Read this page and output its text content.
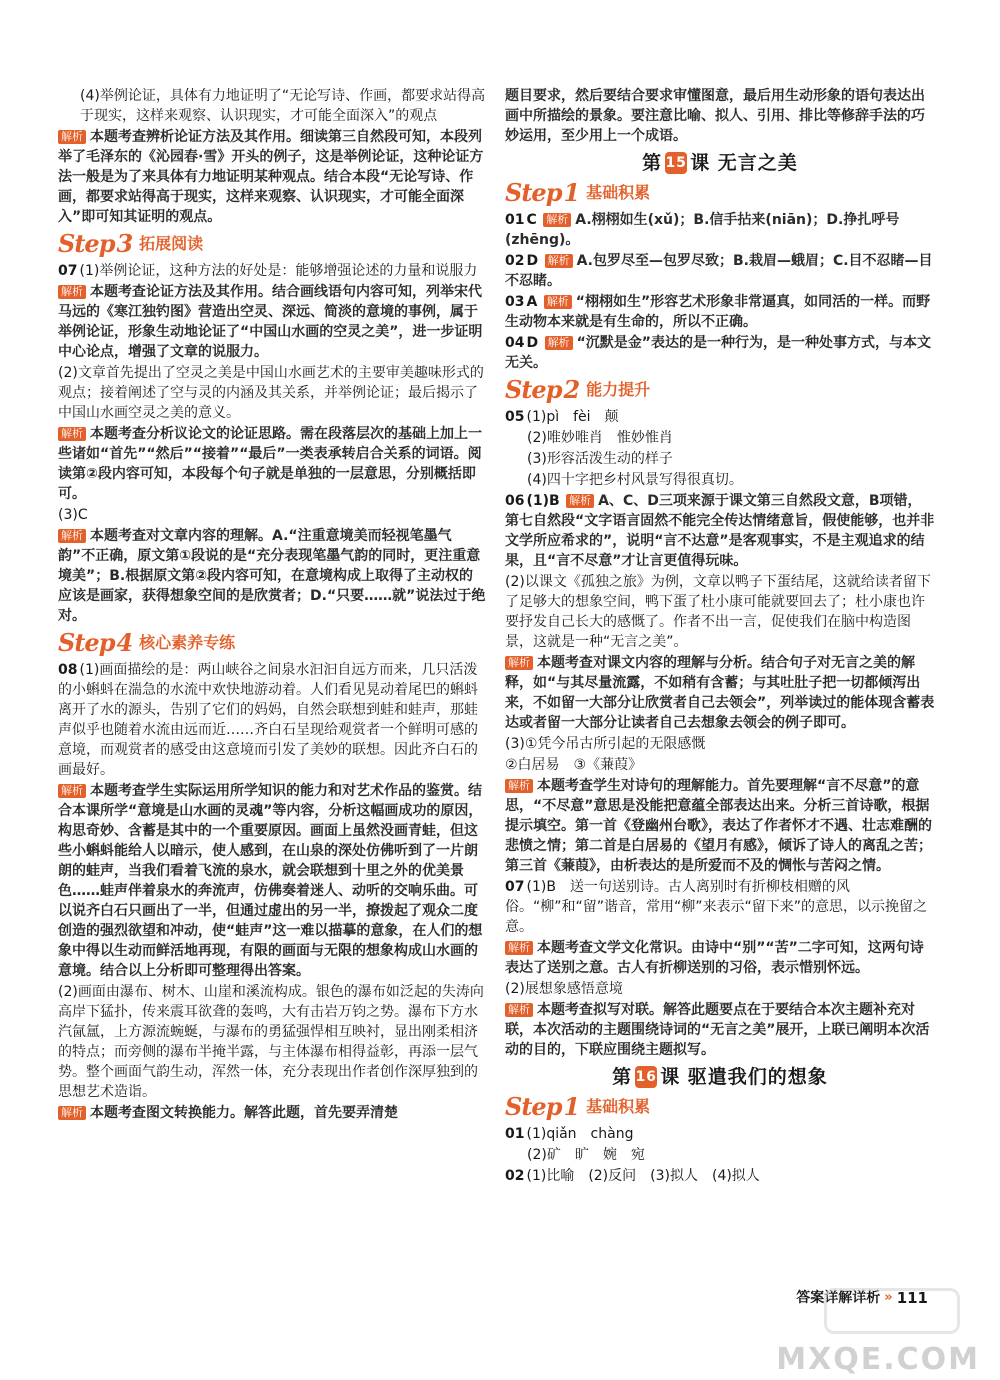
(4)举例论证，具体有力地证明了“无论写诗、作画，都要求站得高于现实，这样来观察、认识现实，才可能全面深入”的观点

解析 本题考查辨析论证方法及其作用。细读第三自然段可知，本段列举了毛泽东的《沁园春·雪》开头的例子，这是举例论证，这种论证方法一般是为了来具体有力地证明某种观点。结合本段“无论写诗、作画，都要求站得高于现实，这样来观察、认识现实，才可能全面深入”即可知其证明的观点。

Step 3 拓展阅读

07 (1)举例论证，这种方法的好处是：能够增强论述的力量和说服力

解析 本题考查论证方法及其作用。结合画线语句内容可知，列举宋代马远的《寒江独钓图》营造出空灵、深远、简淡的意境的事例，属于举例论证，形象生动地论证了“中国山水画的空灵之美”，进一步证明中心论点，增强了文章的说服力。

(2)文章首先提出了空灵之美是中国山水画艺术的主要审美趣味形式的观点；接着阐述了空与灵的内涵及其关系，并举例论证；最后揭示了中国山水画空灵之美的意义。

解析 本题考查分析议论文的论证思路。需在段落层次的基础上加上一些诸如“首先”“然后”“接着”“最后”一类表承转启合关系的词语。阅读第②段内容可知，本段每个句子就是单独的一层意思，分别概括即可。

(3)C

解析 本题考查对文章内容的理解。A.“注重意境美而轻视笔墨气韵”不正确，原文第①段说的是“充分表现笔墨气韵的同时，更注重意境美”；B.根据原文第②段内容可知，在意境构成上取得了主动权的应该是画家，获得想象空间的是欣赏者；D.“只要……就”说法过于绝对。

Step 4 核心素养专练

08 (1)画面描绘的是：两山峡谷之间泉水汩汩自远方而来，几只活泼的小蝌蚪在湍急的水流中欢快地游动着。人们看见晃动着尾巴的蝌蚪离开了水的源头，告别了它们的妈妈，自然会联想到蛙和蛙声，那蛙声似乎也随着水流由远而近……齐白石呈现给观赏者一个鲜明可感的意境，而观赏者的感受由这意境而引发了美妙的联想。因此齐白石的画最好。

解析 本题考查学生实际运用所学知识的能力和对艺术作品的鉴赏。结合本课所学“意境是山水画的灵魂”等内容，分析这幅画成功的原因，构思奇妙、含蓄是其中的一个重要原因。画面上虽然没画青蛙，但这些小蝌蚪能给人以暗示，使人感到，在山泉的深处仿佛听到了一片朗朗的蛙声，当我们看着飞流的泉水，就会联想到十里之外的优美景色……蛙声伴着泉水的奔流声，仿佛奏着迷人、动听的交响乐曲。可以说齐白石只画出了一半，但通过虚出的另一半，撩拨起了观众二度创造的强烈欲望和冲动，使“蛙声”这一难以描摹的意象，在人们的想象中得以生动而鲜活地再现，有限的画面与无限的想象构成山水画的意境。结合以上分析即可整理得出答案。

(2)画面由瀑布、树木、山崖和溪流构成。银色的瀑布如泛起的失涛向高岸下猛扑，传来震耳欲聋的轰鸣，大有击岩万钧之势。瀑布下方水汽氤氲，上方源流蜿蜒，与瀑布的勇猛强悍相互映衬，显出刚柔相济的特点；而旁侧的瀑布半掩半露，与主体瀑布相得益彰，再添一层气势。整个画面气韵生动，浑然一体，充分表现出作者创作深厚独到的思想艺术造诣。

解析 本题考查图文转换能力。解答此题，首先要弄清楚

题目要求，然后要结合要求审懂图意，最后用生动形象的语句表达出画中所描绘的景象。要注意比喻、拟人、引用、排比等修辞手法的巧妙运用，至少用上一个成语。

第 15 课 无言之美
Step 1 基础积累

01 C 解析 A.栩栩如生(xǔ)；B.信手拈来(niān)；D.挣扎呼号(zhēng)。

02 D 解析 A.包罗尽至—包罗尽致；B.栽眉—蛾眉；C.目不忍睹—目不忍睹。

03 A 解析 “栩栩如生”形容艺术形象非常逼真，如同活的一样。而野生动物本来就是有生命的，所以不正确。

04 D 解析 “沉默是金”表达的是一种行为，是一种处事方式，与本文无关。

Step 2 能力提升

05 (1)pì　fèi　颠

(2)唯妙唯肖　惟妙惟肖

(3)形容活泼生动的样子

(4)四十字把乡村风景写得很真切。

06 (1)B 解析 A、C、D三项来源于课文第三自然段文意，B项错，第七自然段“文字语言固然不能完全传达情绪意旨，假使能够，也并非文学所应希求的”，说明“言不达意”是客观事实，不是主观追求的结果，且“言不尽意”才让言更值得玩味。

(2)以课文《孤独之旅》为例，文章以鸭子下蛋结尾，这就给读者留下了足够大的想象空间，鸭下蛋了杜小康可能就要回去了；杜小康也许要抒发自己长大的感慨了。作者不出一言，促使我们在脑中构造图景，这就是一种“无言之美”。

解析 本题考查对课文内容的理解与分析。结合句子对无言之美的解释，如“与其尽量流露，不如稍有含蓄；与其吐肚子把一切都倾泻出来，不如留一大部分让欣赏者自己去领会”，列举读过的能体现含蓄表达或者留一大部分让读者自己去想象去领会的例子即可。

(3)①凭今吊古所引起的无限感慨

②白居易　③《蒹葭》

解析 本题考查学生对诗句的理解能力。首先要理解“言不尽意”的意思，“不尽意”意思是没能把意蕴全部表达出来。分析三首诗歌，根据提示填空。第一首《登幽州台歌》，表达了作者怀才不遇、壮志难酬的悲愤之情；第二首是白居易的《望月有感》，倾诉了诗人的离乱之苦；第三首《蒹葭》，由析表达的是所爱而不及的惆怅与苦闷之情。

07 (1)B　送一句送别诗。古人离别时有折柳枝相赠的风俗。“柳”和“留”谐音，常用“柳”来表示“留下来”的意思，以示挽留之意。

解析 本题考查文学文化常识。由诗中“别”“苦”二字可知，这两句诗表达了送别之意。古人有折柳送别的习俗，表示惜别怀远。

(2)展想象感悟意境

解析 本题考查拟写对联。解答此题要点在于要结合本次主题补充对联，本次活动的主题围绕诗词的“无言之美”展开，上联已阐明本次活动的目的，下联应围绕主题拟写。

第 16 课 驱遣我们的想象
Step 1 基础积累

01 (1)qiǎn　chàng

(2)矿　旷　婉　宛

02 (1)比喻　(2)反问　(3)拟人　(4)拟人

答案详解详析 » 111
MXQE.COM
